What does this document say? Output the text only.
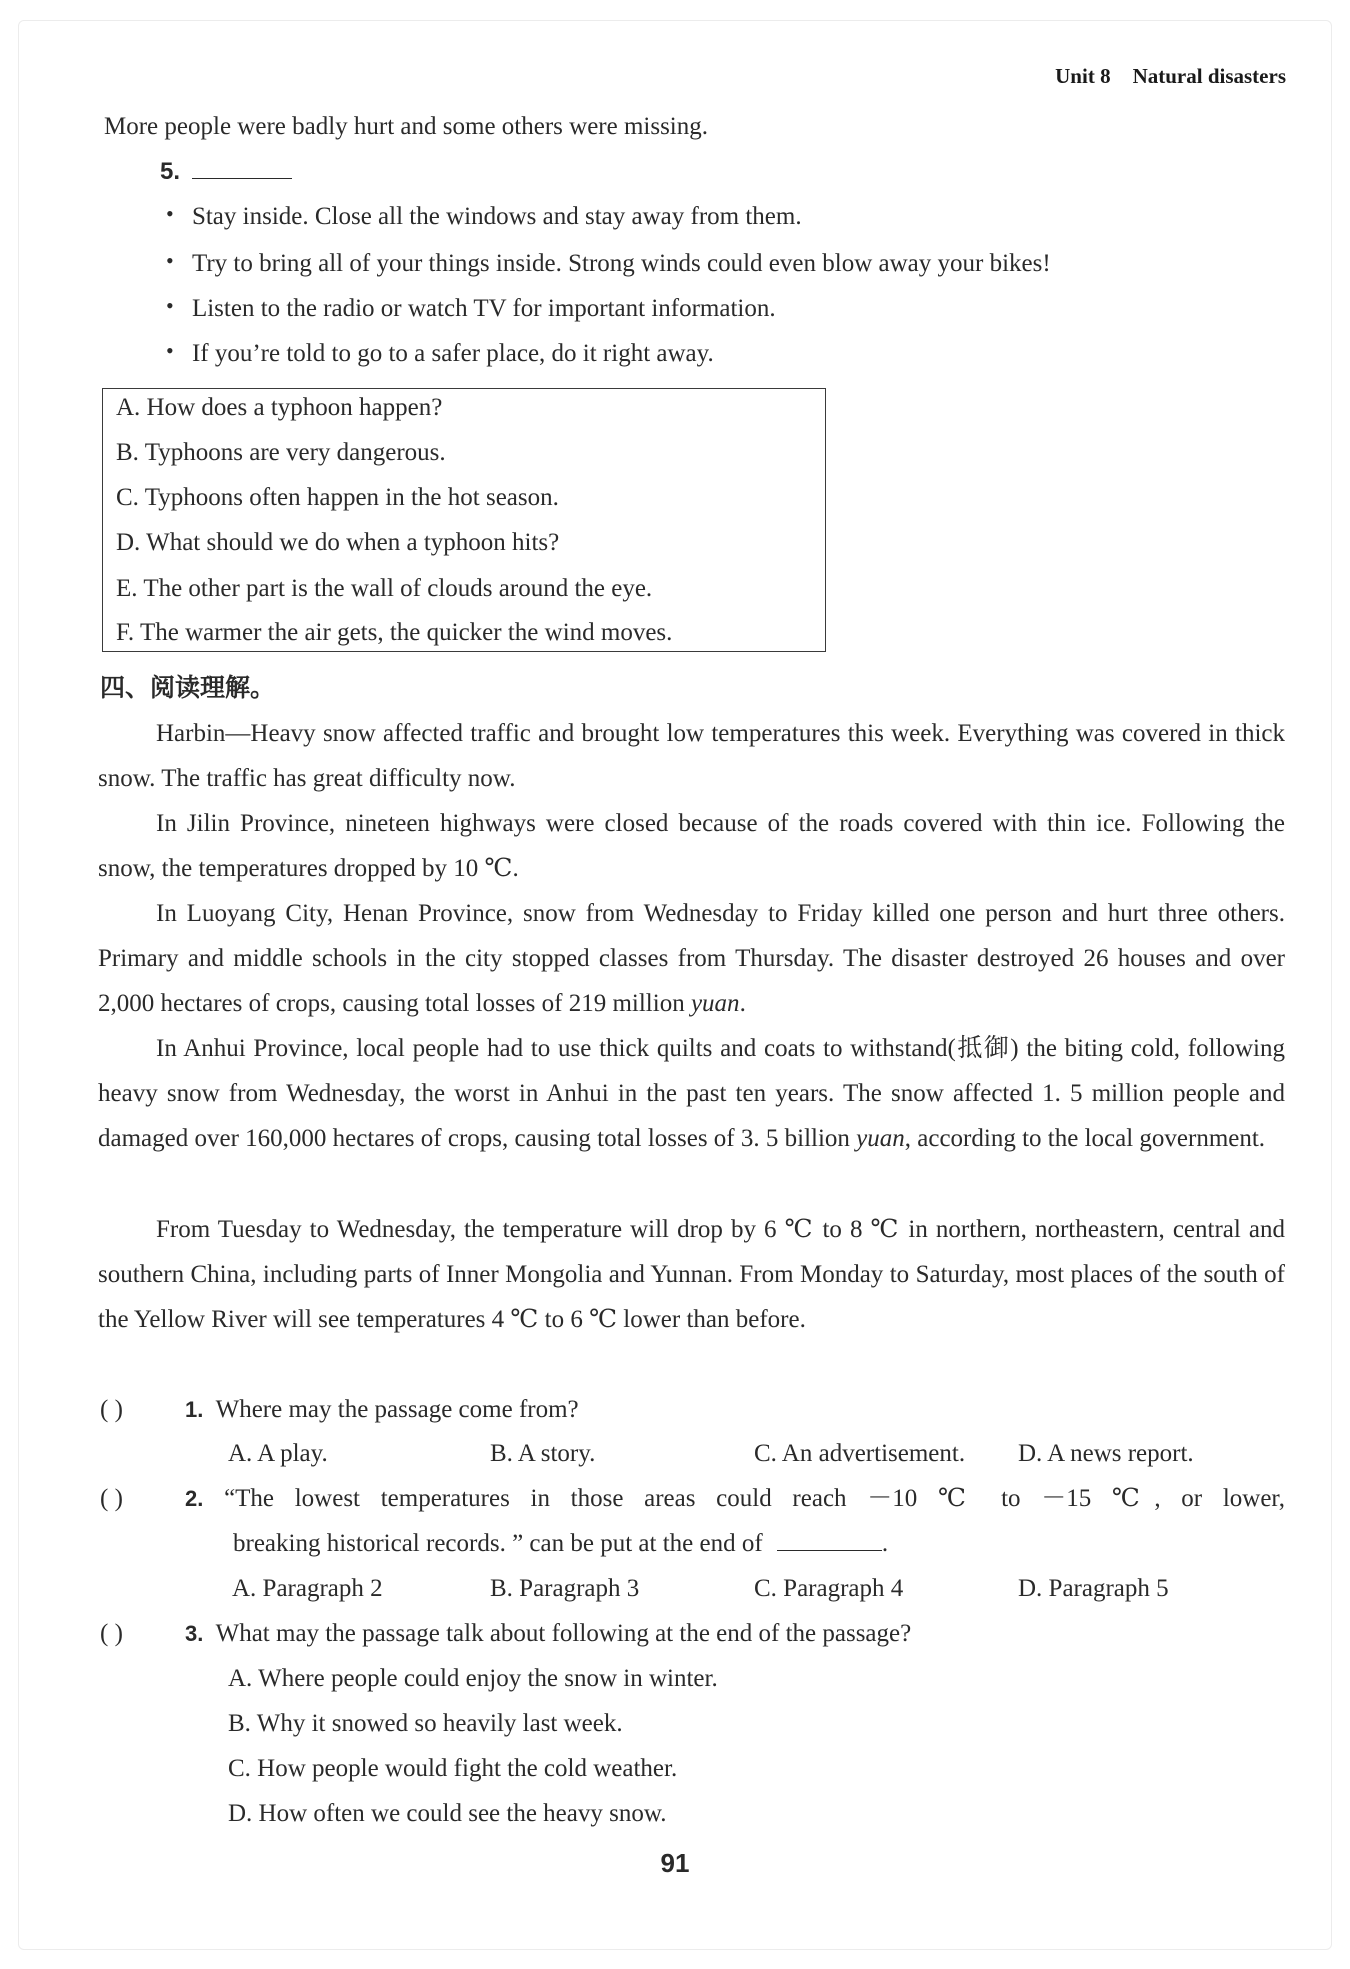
Unit 8 Natural disasters
More people were badly hurt and some others were missing.
5.
• Stay inside. Close all the windows and stay away from them.
• Try to bring all of your things inside. Strong winds could even blow away your bikes!
• Listen to the radio or watch TV for important information.
• If you’re told to go to a safer place, do it right away.
A. How does a typhoon happen?
B. Typhoons are very dangerous.
C. Typhoons often happen in the hot season.
D. What should we do when a typhoon hits?
E. The other part is the wall of clouds around the eye.
F. The warmer the air gets, the quicker the wind moves.
四、阅读理解。
Harbin—Heavy snow affected traffic and brought low temperatures this week. Everything was covered in thick snow. The traffic has great difficulty now.
In Jilin Province, nineteen highways were closed because of the roads covered with thin ice. Following the snow, the temperatures dropped by 10 ℃.
In Luoyang City, Henan Province, snow from Wednesday to Friday killed one person and hurt three others. Primary and middle schools in the city stopped classes from Thursday. The disaster destroyed 26 houses and over 2,000 hectares of crops, causing total losses of 219 million yuan.
In Anhui Province, local people had to use thick quilts and coats to withstand(抵御) the biting cold, following heavy snow from Wednesday, the worst in Anhui in the past ten years. The snow affected 1. 5 million people and damaged over 160,000 hectares of crops, causing total losses of 3. 5 billion yuan, according to the local government.
From Tuesday to Wednesday, the temperature will drop by 6 ℃ to 8 ℃ in northern, northeastern, central and southern China, including parts of Inner Mongolia and Yunnan. From Monday to Saturday, most places of the south of the Yellow River will see temperatures 4 ℃ to 6 ℃ lower than before.
( )	1. Where may the passage come from?
A. A play.	B. A story.	C. An advertisement. D. A news report.
( )	2. “The lowest temperatures in those areas could reach －10 ℃ to －15 ℃, or lower,
breaking historical records. ” can be put at the end of	.
A. Paragraph 2	B. Paragraph 3	C. Paragraph 4	D. Paragraph 5
( )	3. What may the passage talk about following at the end of the passage?
A. Where people could enjoy the snow in winter.
B. Why it snowed so heavily last week.
C. How people would fight the cold weather.
D. How often we could see the heavy snow.
91
